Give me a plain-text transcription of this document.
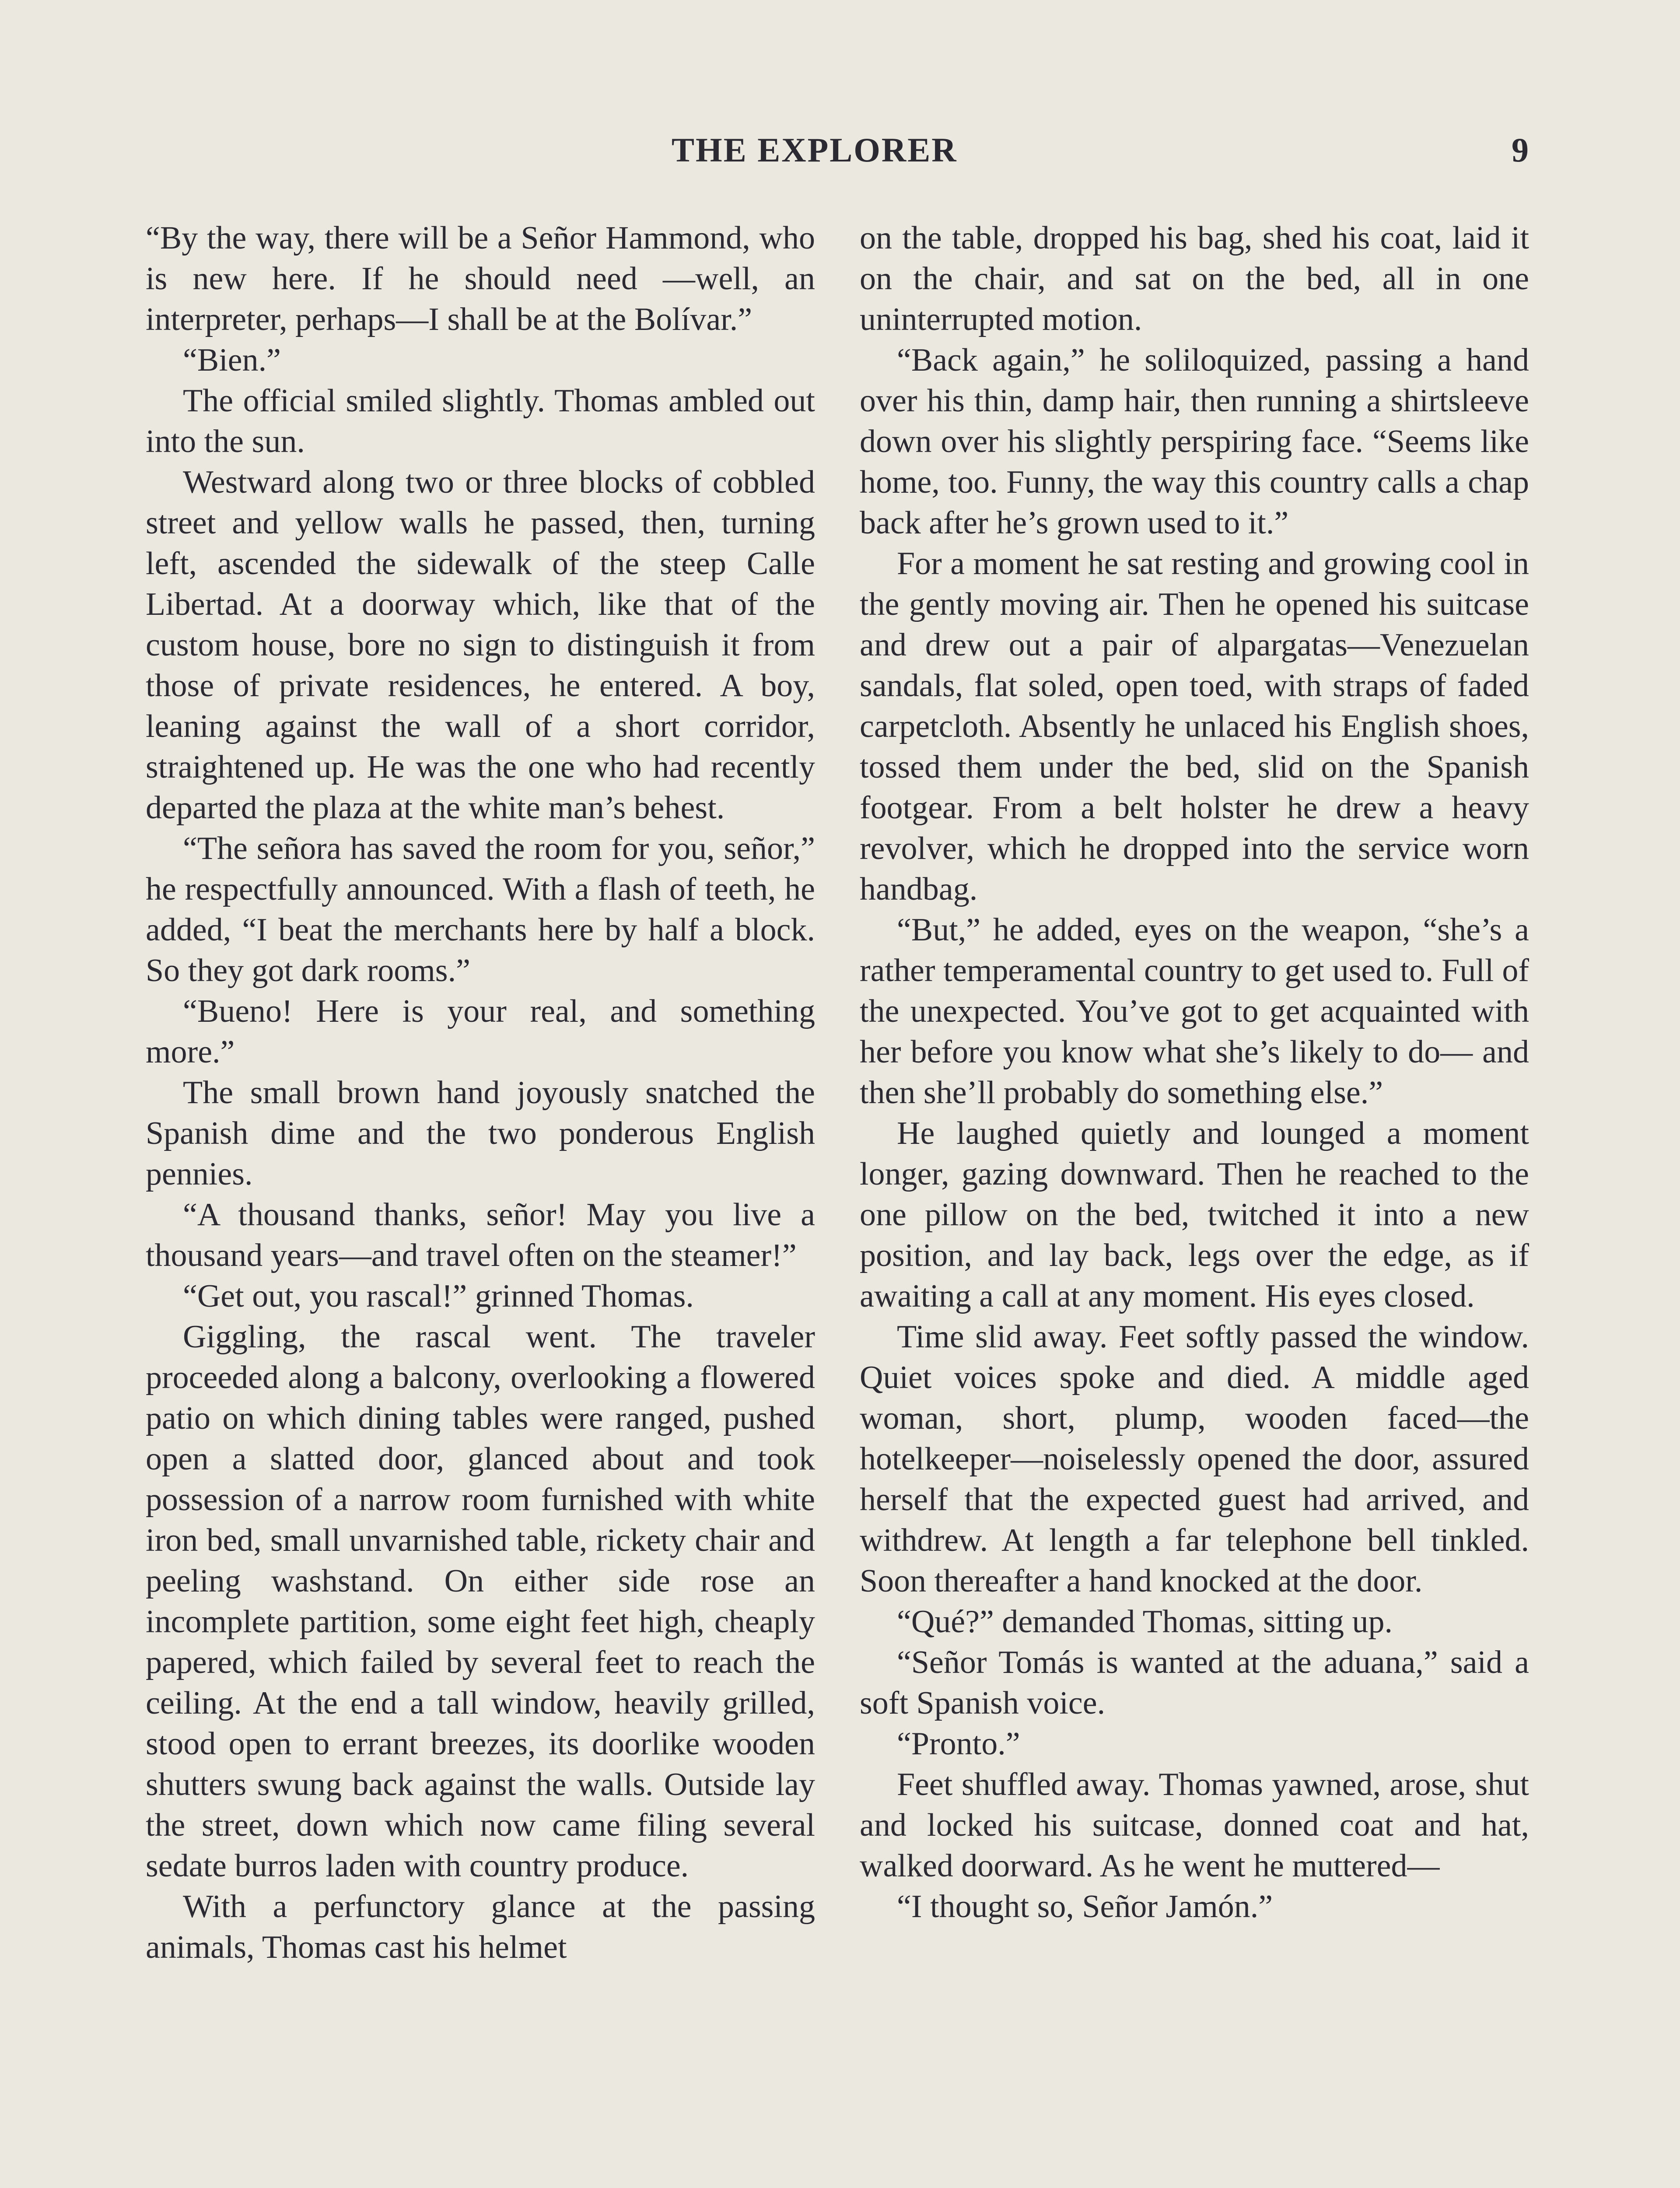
THE EXPLORER	9

“By the way, there will be a Señor Hammond, who is new here. If he should need —well, an interpreter, perhaps—I shall be at the Bolívar.”

“Bien.”

The official smiled slightly. Thomas ambled out into the sun.

Westward along two or three blocks of cobbled street and yellow walls he passed, then, turning left, ascended the sidewalk of the steep Calle Libertad. At a doorway which, like that of the custom house, bore no sign to distinguish it from those of private residences, he entered. A boy, leaning against the wall of a short corridor, straightened up. He was the one who had recently departed the plaza at the white man’s behest.

“The señora has saved the room for you, señor,” he respectfully announced. With a flash of teeth, he added, “I beat the merchants here by half a block. So they got dark rooms.”

“Bueno! Here is your real, and something more.”

The small brown hand joyously snatched the Spanish dime and the two ponderous English pennies.

“A thousand thanks, señor! May you live a thousand years—and travel often on the steamer!”

“Get out, you rascal!” grinned Thomas.

Giggling, the rascal went. The traveler proceeded along a balcony, overlooking a flowered patio on which dining tables were ranged, pushed open a slatted door, glanced about and took possession of a narrow room furnished with white iron bed, small unvarnished table, rickety chair and peeling washstand. On either side rose an incomplete partition, some eight feet high, cheaply papered, which failed by several feet to reach the ceiling. At the end a tall window, heavily grilled, stood open to errant breezes, its doorlike wooden shutters swung back against the walls. Outside lay the street, down which now came filing several sedate burros laden with country produce.

With a perfunctory glance at the passing animals, Thomas cast his helmet

on the table, dropped his bag, shed his coat, laid it on the chair, and sat on the bed, all in one uninterrupted motion.

“Back again,” he soliloquized, passing a hand over his thin, damp hair, then running a shirtsleeve down over his slightly perspiring face. “Seems like home, too. Funny, the way this country calls a chap back after he’s grown used to it.”

For a moment he sat resting and growing cool in the gently moving air. Then he opened his suitcase and drew out a pair of alpargatas—Venezuelan sandals, flat soled, open toed, with straps of faded carpetcloth. Absently he unlaced his English shoes, tossed them under the bed, slid on the Spanish footgear. From a belt holster he drew a heavy revolver, which he dropped into the service worn handbag.

“But,” he added, eyes on the weapon, “she’s a rather temperamental country to get used to. Full of the unexpected. You’ve got to get acquainted with her before you know what she’s likely to do— and then she’ll probably do something else.”

He laughed quietly and lounged a moment longer, gazing downward. Then he reached to the one pillow on the bed, twitched it into a new position, and lay back, legs over the edge, as if awaiting a call at any moment. His eyes closed.

Time slid away. Feet softly passed the window. Quiet voices spoke and died. A middle aged woman, short, plump, wooden faced—the hotelkeeper—noiselessly opened the door, assured herself that the expected guest had arrived, and withdrew. At length a far telephone bell tinkled. Soon thereafter a hand knocked at the door.

“Qué?” demanded Thomas, sitting up.

“Señor Tomás is wanted at the aduana,” said a soft Spanish voice.

“Pronto.”

Feet shuffled away. Thomas yawned, arose, shut and locked his suitcase, donned coat and hat, walked doorward. As he went he muttered—

“I thought so, Señor Jamón.”
